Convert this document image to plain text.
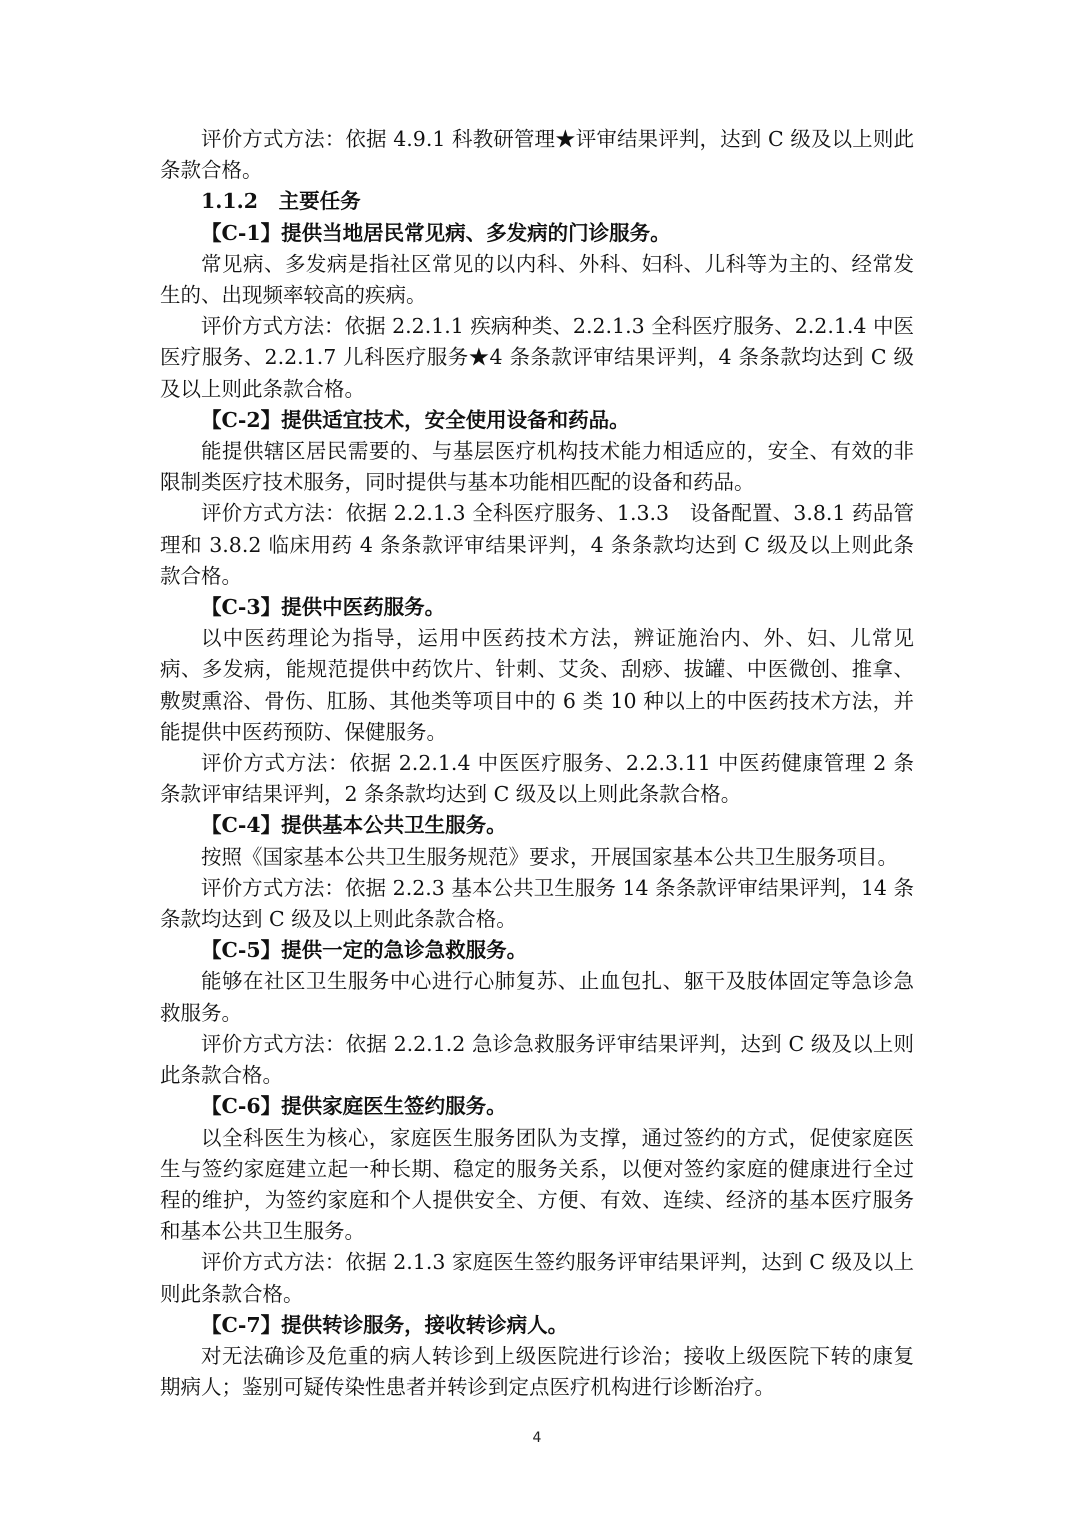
评价方式方法：依据 4.9.1 科教研管理★评审结果评判，达到 C 级及以上则此条款合格。

1.1.2　主要任务

【C-1】提供当地居民常见病、多发病的门诊服务。

常见病、多发病是指社区常见的以内科、外科、妇科、儿科等为主的、经常发生的、出现频率较高的疾病。

评价方式方法：依据 2.2.1.1 疾病种类、2.2.1.3 全科医疗服务、2.2.1.4 中医医疗服务、2.2.1.7 儿科医疗服务★4 条条款评审结果评判，4 条条款均达到 C 级及以上则此条款合格。

【C-2】提供适宜技术，安全使用设备和药品。

能提供辖区居民需要的、与基层医疗机构技术能力相适应的，安全、有效的非限制类医疗技术服务，同时提供与基本功能相匹配的设备和药品。

评价方式方法：依据 2.2.1.3 全科医疗服务、1.3.3　设备配置、3.8.1 药品管理和 3.8.2 临床用药 4 条条款评审结果评判，4 条条款均达到 C 级及以上则此条款合格。

【C-3】提供中医药服务。

以中医药理论为指导，运用中医药技术方法，辨证施治内、外、妇、儿常见病、多发病，能规范提供中药饮片、针刺、艾灸、刮痧、拔罐、中医微创、推拿、敷熨熏浴、骨伤、肛肠、其他类等项目中的 6 类 10 种以上的中医药技术方法，并能提供中医药预防、保健服务。

评价方式方法：依据 2.2.1.4 中医医疗服务、2.2.3.11 中医药健康管理 2 条条款评审结果评判，2 条条款均达到 C 级及以上则此条款合格。

【C-4】提供基本公共卫生服务。

按照《国家基本公共卫生服务规范》要求，开展国家基本公共卫生服务项目。

评价方式方法：依据 2.2.3 基本公共卫生服务 14 条条款评审结果评判，14 条条款均达到 C 级及以上则此条款合格。

【C-5】提供一定的急诊急救服务。

能够在社区卫生服务中心进行心肺复苏、止血包扎、躯干及肢体固定等急诊急救服务。

评价方式方法：依据 2.2.1.2 急诊急救服务评审结果评判，达到 C 级及以上则此条款合格。

【C-6】提供家庭医生签约服务。

以全科医生为核心，家庭医生服务团队为支撑，通过签约的方式，促使家庭医生与签约家庭建立起一种长期、稳定的服务关系，以便对签约家庭的健康进行全过程的维护，为签约家庭和个人提供安全、方便、有效、连续、经济的基本医疗服务和基本公共卫生服务。

评价方式方法：依据 2.1.3 家庭医生签约服务评审结果评判，达到 C 级及以上则此条款合格。

【C-7】提供转诊服务，接收转诊病人。

对无法确诊及危重的病人转诊到上级医院进行诊治；接收上级医院下转的康复期病人；鉴别可疑传染性患者并转诊到定点医疗机构进行诊断治疗。

4
